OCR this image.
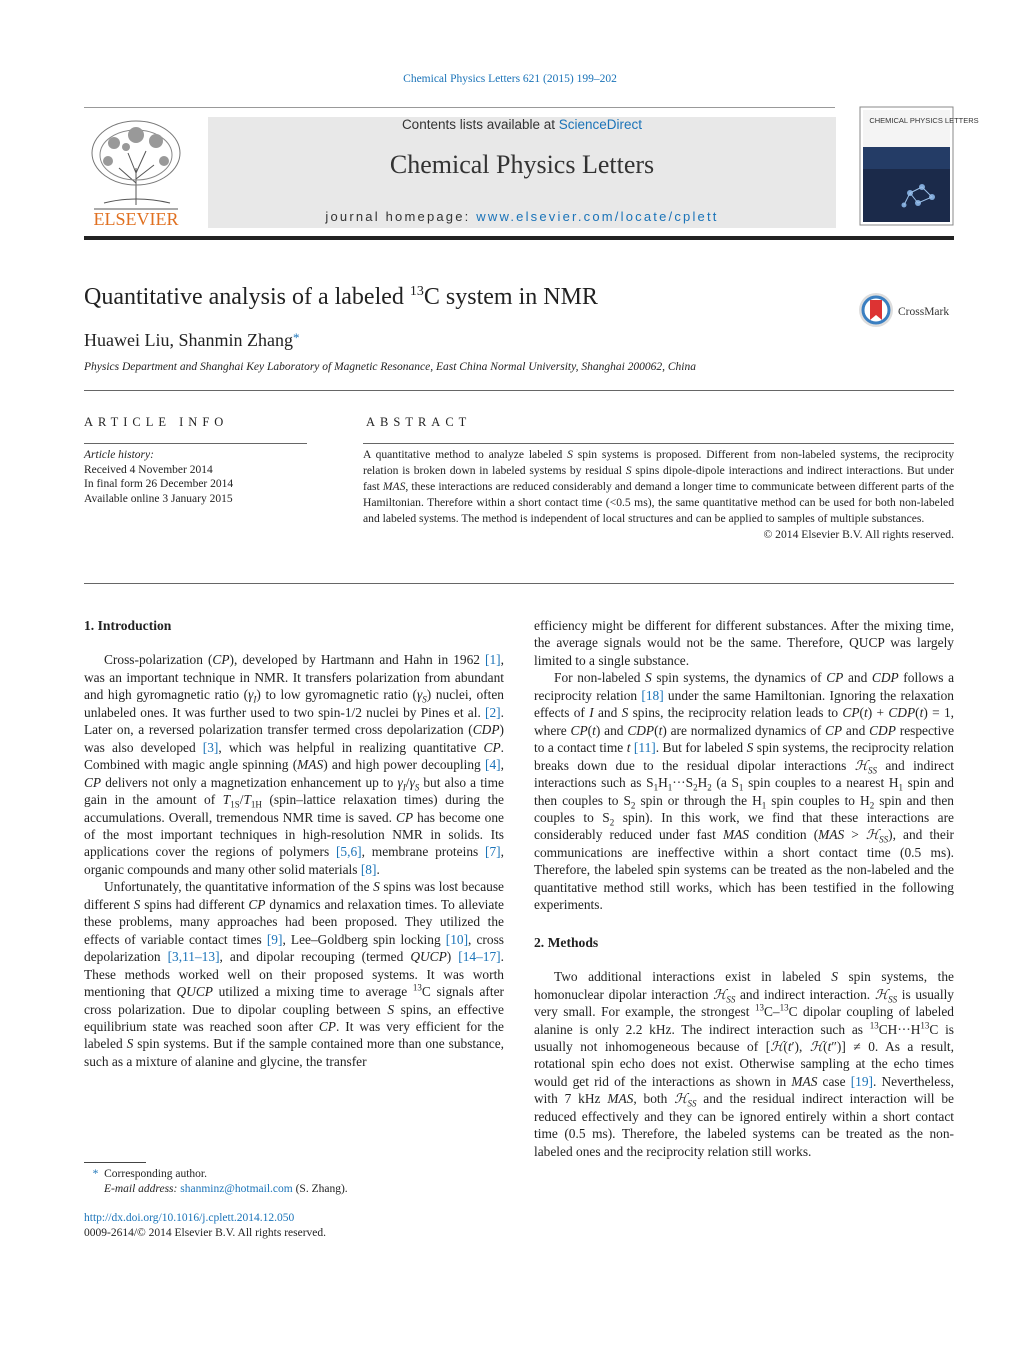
Chemical Physics Letters 621 (2015) 199–202
ELSEVIER
Contents lists available at ScienceDirect
Chemical Physics Letters
journal homepage: www.elsevier.com/locate/cplett
CHEMICAL PHYSICS LETTERS
Quantitative analysis of a labeled $^{13}$C system in NMR
CrossMark
Huawei Liu, Shanmin Zhang*
Physics Department and Shanghai Key Laboratory of Magnetic Resonance, East China Normal University, Shanghai 200062, China
ARTICLE INFO
Article history:
Received 4 November 2014
In final form 26 December 2014
Available online 3 January 2015
ABSTRACT
A quantitative method to analyze labeled S spin systems is proposed. Different from non-labeled systems, the reciprocity relation is broken down in labeled systems by residual S spins dipole-dipole interactions and indirect interactions. But under fast MAS, these interactions are reduced considerably and demand a longer time to communicate between different parts of the Hamiltonian. Therefore within a short contact time (<0.5 ms), the same quantitative method can be used for both non-labeled and labeled systems. The method is independent of local structures and can be applied to samples of multiple substances.
© 2014 Elsevier B.V. All rights reserved.
1. Introduction

Cross-polarization (CP), developed by Hartmann and Hahn in 1962 [1], was an important technique in NMR. It transfers polarization from abundant and high gyromagnetic ratio $(\gamma_I)$ to low gyromagnetic ratio $(\gamma_S)$ nuclei, often unlabeled ones. It was further used to two spin-1/2 nuclei by Pines et al. [2]. Later on, a reversed polarization transfer termed cross depolarization (CDP) was also developed [3], which was helpful in realizing quantitative CP. Combined with magic angle spinning (MAS) and high power decoupling [4], CP delivers not only a magnetization enhancement up to $\gamma_I/\gamma_S$ but also a time gain in the amount of $T_{1S}/T_{1H}$ (spin–lattice relaxation times) during the accumulations. Overall, tremendous NMR time is saved. CP has become one of the most important techniques in high-resolution NMR in solids. Its applications cover the regions of polymers [5,6], membrane proteins [7], organic compounds and many other solid materials [8].

Unfortunately, the quantitative information of the S spins was lost because different S spins had different CP dynamics and relaxation times. To alleviate these problems, many approaches had been proposed. They utilized the effects of variable contact times [9], Lee–Goldberg spin locking [10], cross depolarization [3,11–13], and dipolar recouping (termed QUCP) [14–17]. These methods worked well on their proposed systems. It was worth mentioning that QUCP utilized a mixing time to average $^{13}$C signals after cross polarization. Due to dipolar coupling between S spins, an effective equilibrium state was reached soon after CP. It was very efficient for the labeled S spin systems. But if the sample contained more than one substance, such as a mixture of alanine and glycine, the transfer

efficiency might be different for different substances. After the mixing time, the average signals would not be the same. Therefore, QUCP was largely limited to a single substance.

For non-labeled S spin systems, the dynamics of CP and CDP follows a reciprocity relation [18] under the same Hamiltonian. Ignoring the relaxation effects of I and S spins, the reciprocity relation leads to CP(t) + CDP(t) = 1, where CP(t) and CDP(t) are normalized dynamics of CP and CDP respective to a contact time t [11]. But for labeled S spin systems, the reciprocity relation breaks down due to the residual dipolar interactions ℋ$_{SS}$ and indirect interactions such as $S_1H_1\cdot\cdot\cdot S_2H_2$ (a $S_1$ spin couples to a nearest $H_1$ spin and then couples to $S_2$ spin or through the $H_1$ spin couples to $H_2$ spin and then couples to $S_2$ spin). In this work, we find that these interactions are considerably reduced under fast MAS condition (MAS > ℋ$_{SS}$), and their communications are ineffective within a short contact time (0.5 ms). Therefore, the labeled spin systems can be treated as the non-labeled and the quantitative method still works, which has been testified in the following experiments.

2. Methods

Two additional interactions exist in labeled S spin systems, the homonuclear dipolar interaction ℋ$_{SS}$ and indirect interaction. ℋ$_{SS}$ is usually very small. For example, the strongest $^{13}$C–$^{13}$C dipolar coupling of labeled alanine is only 2.2 kHz. The indirect interaction such as $^{13}CH\cdot\cdot\cdot H^{13}C$ is usually not inhomogeneous because of [ℋ(t′), ℋ(t″)] ≠ 0. As a result, rotational spin echo does not exist. Otherwise sampling at the echo times would get rid of the interactions as shown in MAS case [19]. Nevertheless, with 7 kHz MAS, both ℋ$_{SS}$ and the residual indirect interaction will be reduced effectively and they can be ignored entirely within a short contact time (0.5 ms). Therefore, the labeled systems can be treated as the non-labeled ones and the reciprocity relation still works.

* Corresponding author.
E-mail address: shanminz@hotmail.com (S. Zhang).
http://dx.doi.org/10.1016/j.cplett.2014.12.050
0009-2614/© 2014 Elsevier B.V. All rights reserved.
